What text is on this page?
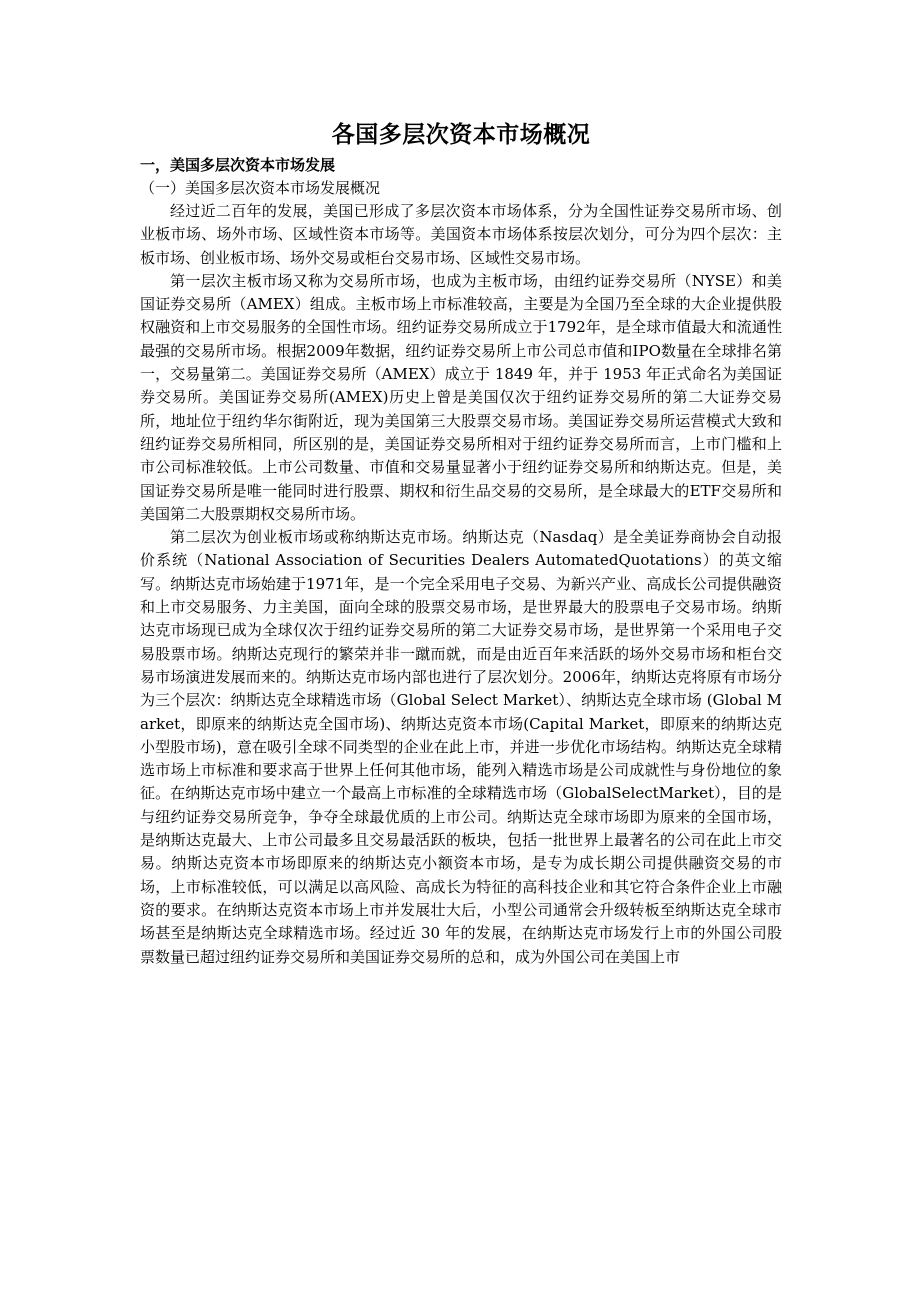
各国多层次资本市场概况
一，美国多层次资本市场发展
（一）美国多层次资本市场发展概况

经过近二百年的发展，美国已形成了多层次资本市场体系，分为全国性证券交易所市场、创业板市场、场外市场、区域性资本市场等。美国资本市场体系按层次划分，可分为四个层次：主板市场、创业板市场、场外交易或柜台交易市场、区域性交易市场。

第一层次主板市场又称为交易所市场，也成为主板市场，由纽约证券交易所（NYSE）和美国证券交易所（AMEX）组成。主板市场上市标准较高，主要是为全国乃至全球的大企业提供股权融资和上市交易服务的全国性市场。纽约证券交易所成立于1792年，是全球市值最大和流通性最强的交易所市场。根据2009年数据，纽约证券交易所上市公司总市值和IPO数量在全球排名第一，交易量第二。美国证券交易所（AMEX）成立于 1849 年，并于 1953 年正式命名为美国证券交易所。美国证券交易所(AMEX)历史上曾是美国仅次于纽约证券交易所的第二大证券交易所，地址位于纽约华尔街附近，现为美国第三大股票交易市场。美国证券交易所运营模式大致和纽约证券交易所相同，所区别的是，美国证券交易所相对于纽约证券交易所而言，上市门槛和上市公司标准较低。上市公司数量、市值和交易量显著小于纽约证券交易所和纳斯达克。但是，美国证券交易所是唯一能同时进行股票、期权和衍生品交易的交易所，是全球最大的ETF交易所和美国第二大股票期权交易所市场。

第二层次为创业板市场或称纳斯达克市场。纳斯达克（Nasdaq）是全美证券商协会自动报价系统（National Association of Securities Dealers AutomatedQuotations）的英文缩写。纳斯达克市场始建于1971年，是一个完全采用电子交易、为新兴产业、高成长公司提供融资和上市交易服务、力主美国，面向全球的股票交易市场，是世界最大的股票电子交易市场。纳斯达克市场现已成为全球仅次于纽约证券交易所的第二大证券交易市场，是世界第一个采用电子交易股票市场。纳斯达克现行的繁荣并非一蹴而就，而是由近百年来活跃的场外交易市场和柜台交易市场演进发展而来的。纳斯达克市场内部也进行了层次划分。2006年，纳斯达克将原有市场分为三个层次：纳斯达克全球精选市场（Global Select Market）、纳斯达克全球市场 (Global Market，即原来的纳斯达克全国市场)、纳斯达克资本市场(Capital Market，即原来的纳斯达克小型股市场)，意在吸引全球不同类型的企业在此上市，并进一步优化市场结构。纳斯达克全球精选市场上市标准和要求高于世界上任何其他市场，能列入精选市场是公司成就性与身份地位的象征。在纳斯达克市场中建立一个最高上市标准的全球精选市场（GlobalSelectMarket），目的是与纽约证券交易所竞争，争夺全球最优质的上市公司。纳斯达克全球市场即为原来的全国市场，是纳斯达克最大、上市公司最多且交易最活跃的板块，包括一批世界上最著名的公司在此上市交易。纳斯达克资本市场即原来的纳斯达克小额资本市场，是专为成长期公司提供融资交易的市场，上市标准较低，可以满足以高风险、高成长为特征的高科技企业和其它符合条件企业上市融资的要求。在纳斯达克资本市场上市并发展壮大后，小型公司通常会升级转板至纳斯达克全球市场甚至是纳斯达克全球精选市场。经过近 30 年的发展，在纳斯达克市场发行上市的外国公司股票数量已超过纽约证券交易所和美国证券交易所的总和，成为外国公司在美国上市
